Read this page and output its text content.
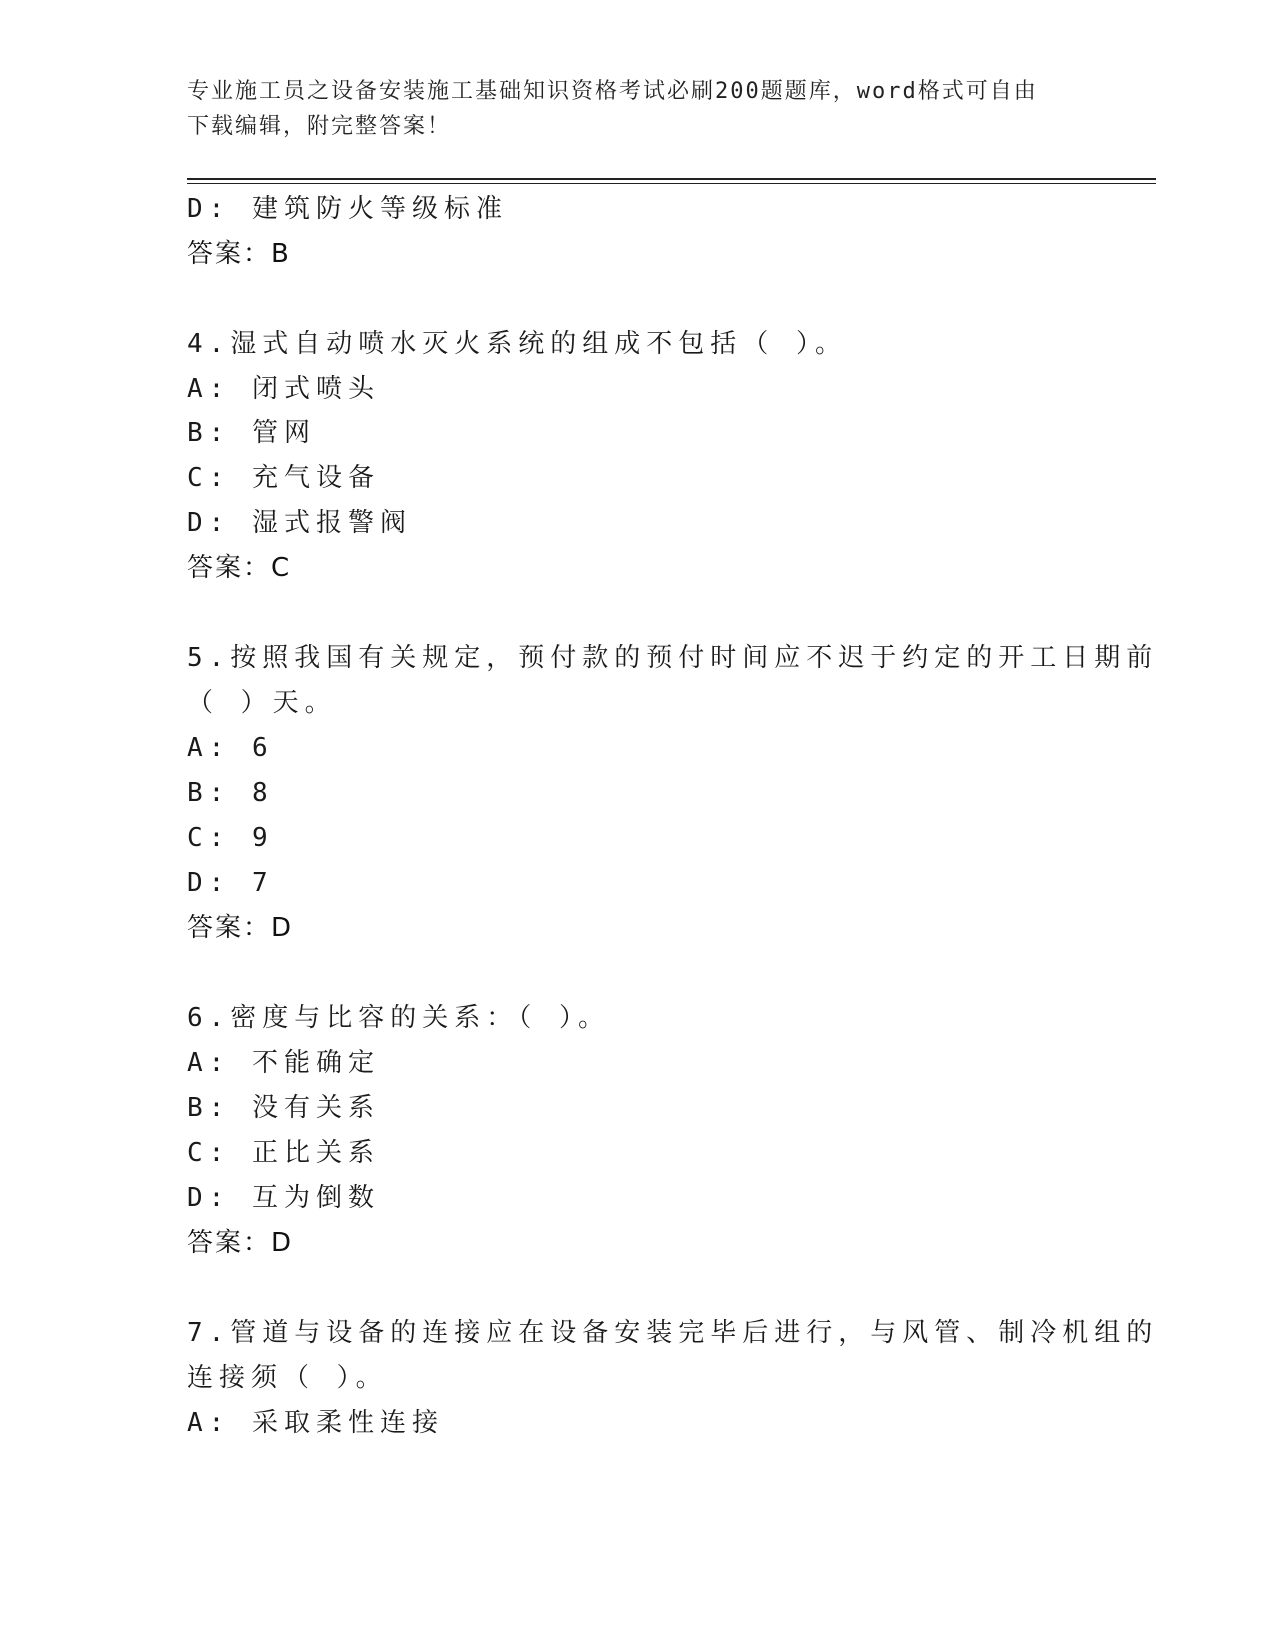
专业施工员之设备安装施工基础知识资格考试必刷200题题库，word格式可自由
下载编辑，附完整答案！
D: 建筑防火等级标准
答案：B
4.湿式自动喷水灭火系统的组成不包括（ ）。
A: 闭式喷头
B: 管网
C: 充气设备
D: 湿式报警阀
答案：C
5.按照我国有关规定，预付款的预付时间应不迟于约定的开工日期前
（ ）天。
A: 6
B: 8
C: 9
D: 7
答案：D
6.密度与比容的关系：（ ）。
A: 不能确定
B: 没有关系
C: 正比关系
D: 互为倒数
答案：D
7.管道与设备的连接应在设备安装完毕后进行，与风管、制冷机组的
连接须（ ）。
A: 采取柔性连接
